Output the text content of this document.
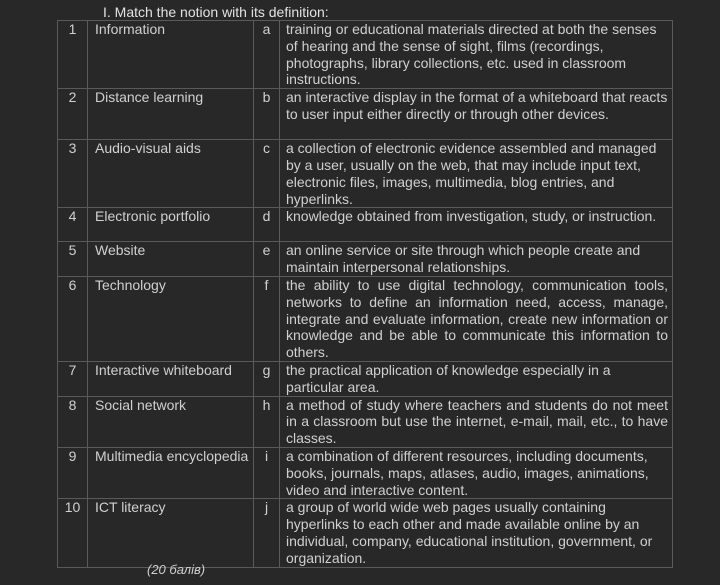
I. Match the notion with its definition:
1	Information	a	training or educational materials directed at both the senses of hearing and the sense of sight, films (recordings, photographs, library collections, etc. used in classroom instructions.
2	Distance learning	b	an interactive display in the format of a whiteboard that reacts to user input either directly or through other devices.
3	Audio-visual aids	c	a collection of electronic evidence assembled and managed by a user, usually on the web, that may include input text, electronic files, images, multimedia, blog entries, and hyperlinks.
4	Electronic portfolio	d	knowledge obtained from investigation, study, or instruction.
5	Website	e	an online service or site through which people create and maintain interpersonal relationships.
6	Technology	f	the ability to use digital technology, communication tools, networks to define an information need, access, manage, integrate and evaluate information, create new information or knowledge and be able to communicate this information to others.
7	Interactive whiteboard	g	the practical application of knowledge especially in a particular area.
8	Social network	h	a method of study where teachers and students do not meet in a classroom but use the internet, e-mail, mail, etc., to have classes.
9	Multimedia encyclopedia	i	a combination of different resources, including documents, books, journals, maps, atlases, audio, images, animations, video and interactive content.
10	ICT literacy	j	a group of world wide web pages usually containing hyperlinks to each other and made available online by an individual, company, educational institution, government, or organization.
(20 балів)
